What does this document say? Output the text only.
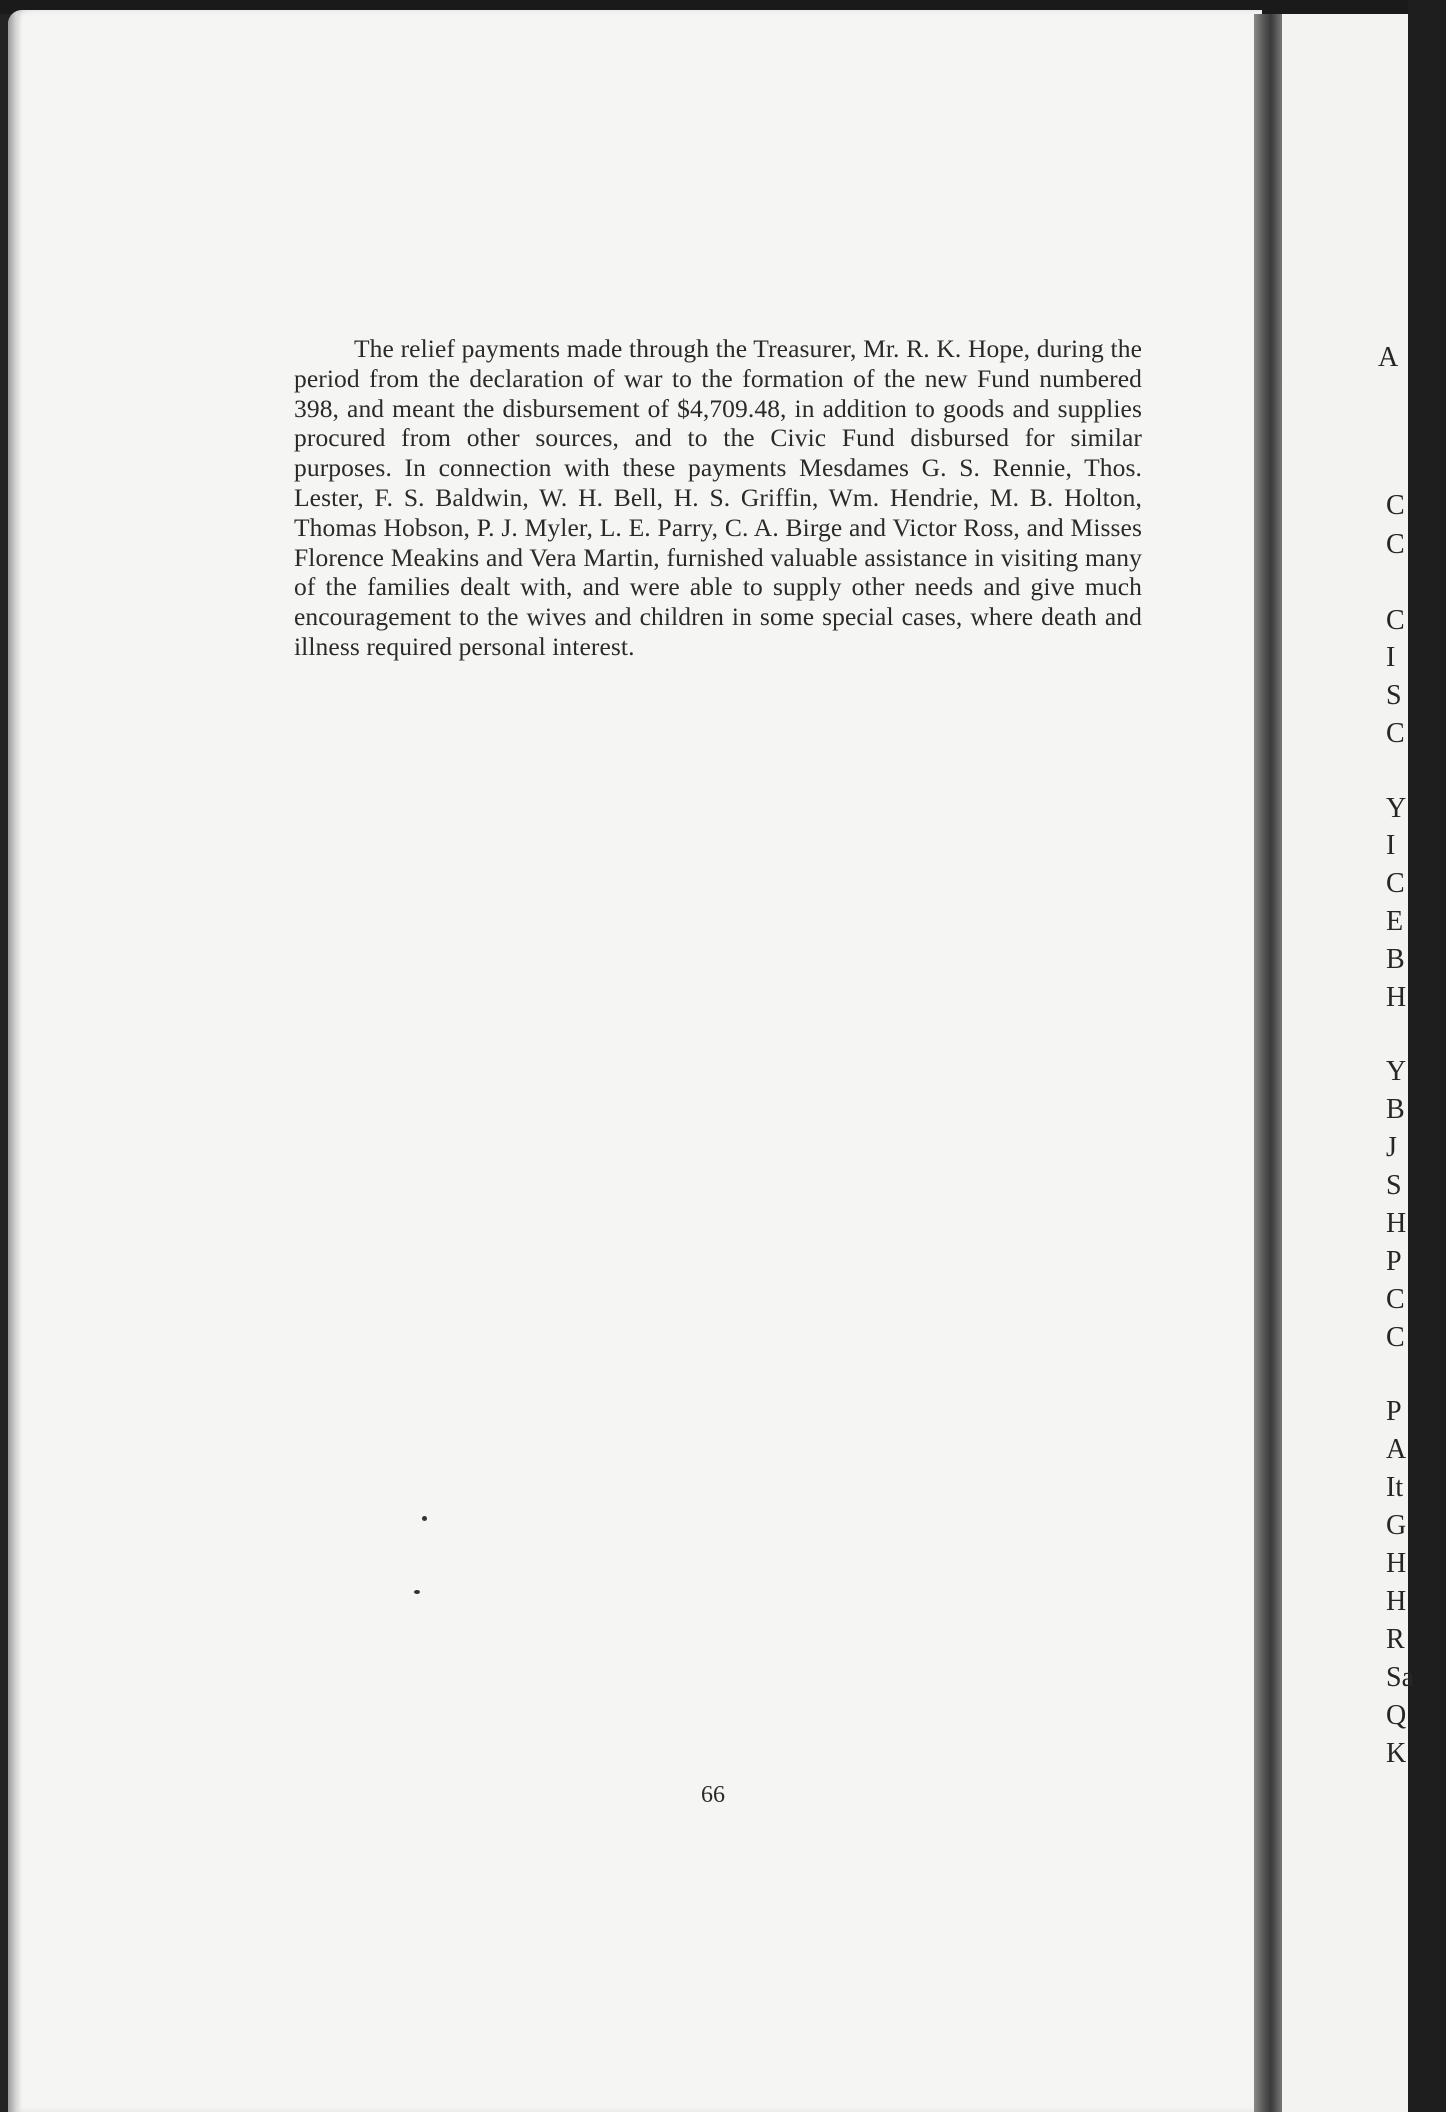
The relief payments made through the Treasurer, Mr. R. K. Hope, during the period from the declaration of war to the formation of the new Fund numbered 398, and meant the disbursement of $4,709.48, in addition to goods and supplies procured from other sources, and to the Civic Fund disbursed for similar purposes. In connection with these payments Mesdames G. S. Rennie, Thos. Lester, F. S. Baldwin, W. H. Bell, H. S. Griffin, Wm. Hendrie, M. B. Holton, Thomas Hobson, P. J. Myler, L. E. Parry, C. A. Birge and Victor Ross, and Misses Florence Meakins and Vera Martin, furnished valuable assistance in visiting many of the families dealt with, and were able to supply other needs and give much encouragement to the wives and children in some special cases, where death and illness required personal interest.

66
A
C
C
C
I
S
C
Y
I
C
E
B
H
Y
B
J
S
H
P
C
C
P
A
It
G
H
H
R
Sa
Q
K
